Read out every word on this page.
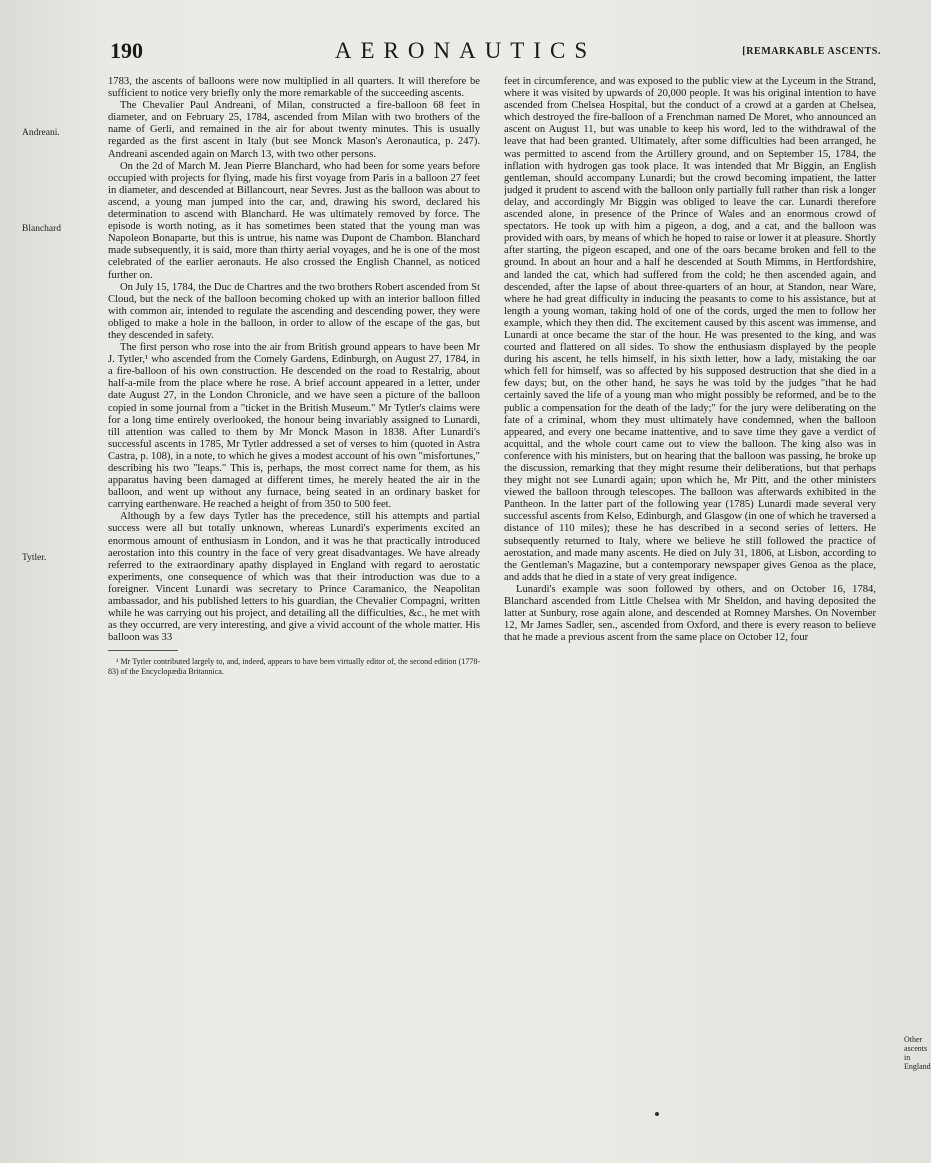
190	AERONAUTICS	[REMARKABLE ASCENTS.
Andreani.
Blanchard
Tytler.
Other ascents in England

1783, the ascents of balloons were now multiplied in all quarters. It will therefore be sufficient to notice very briefly only the more remarkable of the succeeding ascents.

The Chevalier Paul Andreani, of Milan, constructed a fire-balloon 68 feet in diameter, and on February 25, 1784, ascended from Milan with two brothers of the name of Gerli, and remained in the air for about twenty minutes. This is usually regarded as the first ascent in Italy (but see Monck Mason's Aeronautica, p. 247). Andreani ascended again on March 13, with two other persons.

On the 2d of March M. Jean Pierre Blanchard, who had been for some years before occupied with projects for flying, made his first voyage from Paris in a balloon 27 feet in diameter, and descended at Billancourt, near Sevres. Just as the balloon was about to ascend, a young man jumped into the car, and, drawing his sword, declared his determination to ascend with Blanchard. He was ultimately removed by force. The episode is worth noting, as it has sometimes been stated that the young man was Napoleon Bonaparte, but this is untrue, his name was Dupont de Chambon. Blanchard made subsequently, it is said, more than thirty aerial voyages, and he is one of the most celebrated of the earlier aeronauts. He also crossed the English Channel, as noticed further on.

On July 15, 1784, the Duc de Chartres and the two brothers Robert ascended from St Cloud, but the neck of the balloon becoming choked up with an interior balloon filled with common air, intended to regulate the ascending and descending power, they were obliged to make a hole in the balloon, in order to allow of the escape of the gas, but they descended in safety.

The first person who rose into the air from British ground appears to have been Mr J. Tytler,¹ who ascended from the Comely Gardens, Edinburgh, on August 27, 1784, in a fire-balloon of his own construction. He descended on the road to Restalrig, about half-a-mile from the place where he rose. A brief account appeared in a letter, under date August 27, in the London Chronicle, and we have seen a picture of the balloon copied in some journal from a "ticket in the British Museum." Mr Tytler's claims were for a long time entirely overlooked, the honour being invariably assigned to Lunardi, till attention was called to them by Mr Monck Mason in 1838. After Lunardi's successful ascents in 1785, Mr Tytler addressed a set of verses to him (quoted in Astra Castra, p. 108), in a note, to which he gives a modest account of his own "misfortunes," describing his two "leaps." This is, perhaps, the most correct name for them, as his apparatus having been damaged at different times, he merely heated the air in the balloon, and went up without any furnace, being seated in an ordinary basket for carrying earthenware. He reached a height of from 350 to 500 feet.

Although by a few days Tytler has the precedence, still his attempts and partial success were all but totally unknown, whereas Lunardi's experiments excited an enormous amount of enthusiasm in London, and it was he that practically introduced aerostation into this country in the face of very great disadvantages. We have already referred to the extraordinary apathy displayed in England with regard to aerostatic experiments, one consequence of which was that their introduction was due to a foreigner. Vincent Lunardi was secretary to Prince Caramanico, the Neapolitan ambassador, and his published letters to his guardian, the Chevalier Compagni, written while he was carrying out his project, and detailing all the difficulties, &c., he met with as they occurred, are very interesting, and give a vivid account of the whole matter. His balloon was 33

¹ Mr Tytler contributed largely to, and, indeed, appears to have been virtually editor of, the second edition (1778-83) of the Encyclopædia Britannica.

feet in circumference, and was exposed to the public view at the Lyceum in the Strand, where it was visited by upwards of 20,000 people. It was his original intention to have ascended from Chelsea Hospital, but the conduct of a crowd at a garden at Chelsea, which destroyed the fire-balloon of a Frenchman named De Moret, who announced an ascent on August 11, but was unable to keep his word, led to the withdrawal of the leave that had been granted. Ultimately, after some difficulties had been arranged, he was permitted to ascend from the Artillery ground, and on September 15, 1784, the inflation with hydrogen gas took place. It was intended that Mr Biggin, an English gentleman, should accompany Lunardi; but the crowd becoming impatient, the latter judged it prudent to ascend with the balloon only partially full rather than risk a longer delay, and accordingly Mr Biggin was obliged to leave the car. Lunardi therefore ascended alone, in presence of the Prince of Wales and an enormous crowd of spectators. He took up with him a pigeon, a dog, and a cat, and the balloon was provided with oars, by means of which he hoped to raise or lower it at pleasure. Shortly after starting, the pigeon escaped, and one of the oars became broken and fell to the ground. In about an hour and a half he descended at South Mimms, in Hertfordshire, and landed the cat, which had suffered from the cold; he then ascended again, and descended, after the lapse of about three-quarters of an hour, at Standon, near Ware, where he had great difficulty in inducing the peasants to come to his assistance, but at length a young woman, taking hold of one of the cords, urged the men to follow her example, which they then did. The excitement caused by this ascent was immense, and Lunardi at once became the star of the hour. He was presented to the king, and was courted and flattered on all sides. To show the enthusiasm displayed by the people during his ascent, he tells himself, in his sixth letter, how a lady, mistaking the oar which fell for himself, was so affected by his supposed destruction that she died in a few days; but, on the other hand, he says he was told by the judges "that he had certainly saved the life of a young man who might possibly be reformed, and be to the public a compensation for the death of the lady;" for the jury were deliberating on the fate of a criminal, whom they must ultimately have condemned, when the balloon appeared, and every one became inattentive, and to save time they gave a verdict of acquittal, and the whole court came out to view the balloon. The king also was in conference with his ministers, but on hearing that the balloon was passing, he broke up the discussion, remarking that they might resume their deliberations, but that perhaps they might not see Lunardi again; upon which he, Mr Pitt, and the other ministers viewed the balloon through telescopes. The balloon was afterwards exhibited in the Pantheon. In the latter part of the following year (1785) Lunardi made several very successful ascents from Kelso, Edinburgh, and Glasgow (in one of which he traversed a distance of 110 miles); these he has described in a second series of letters. He subsequently returned to Italy, where we believe he still followed the practice of aerostation, and made many ascents. He died on July 31, 1806, at Lisbon, according to the Gentleman's Magazine, but a contemporary newspaper gives Genoa as the place, and adds that he died in a state of very great indigence.

Lunardi's example was soon followed by others, and on October 16, 1784, Blanchard ascended from Little Chelsea with Mr Sheldon, and having deposited the latter at Sunbury, rose again alone, and descended at Romney Marshes. On November 12, Mr James Sadler, sen., ascended from Oxford, and there is every reason to believe that he made a previous ascent from the same place on October 12, four
